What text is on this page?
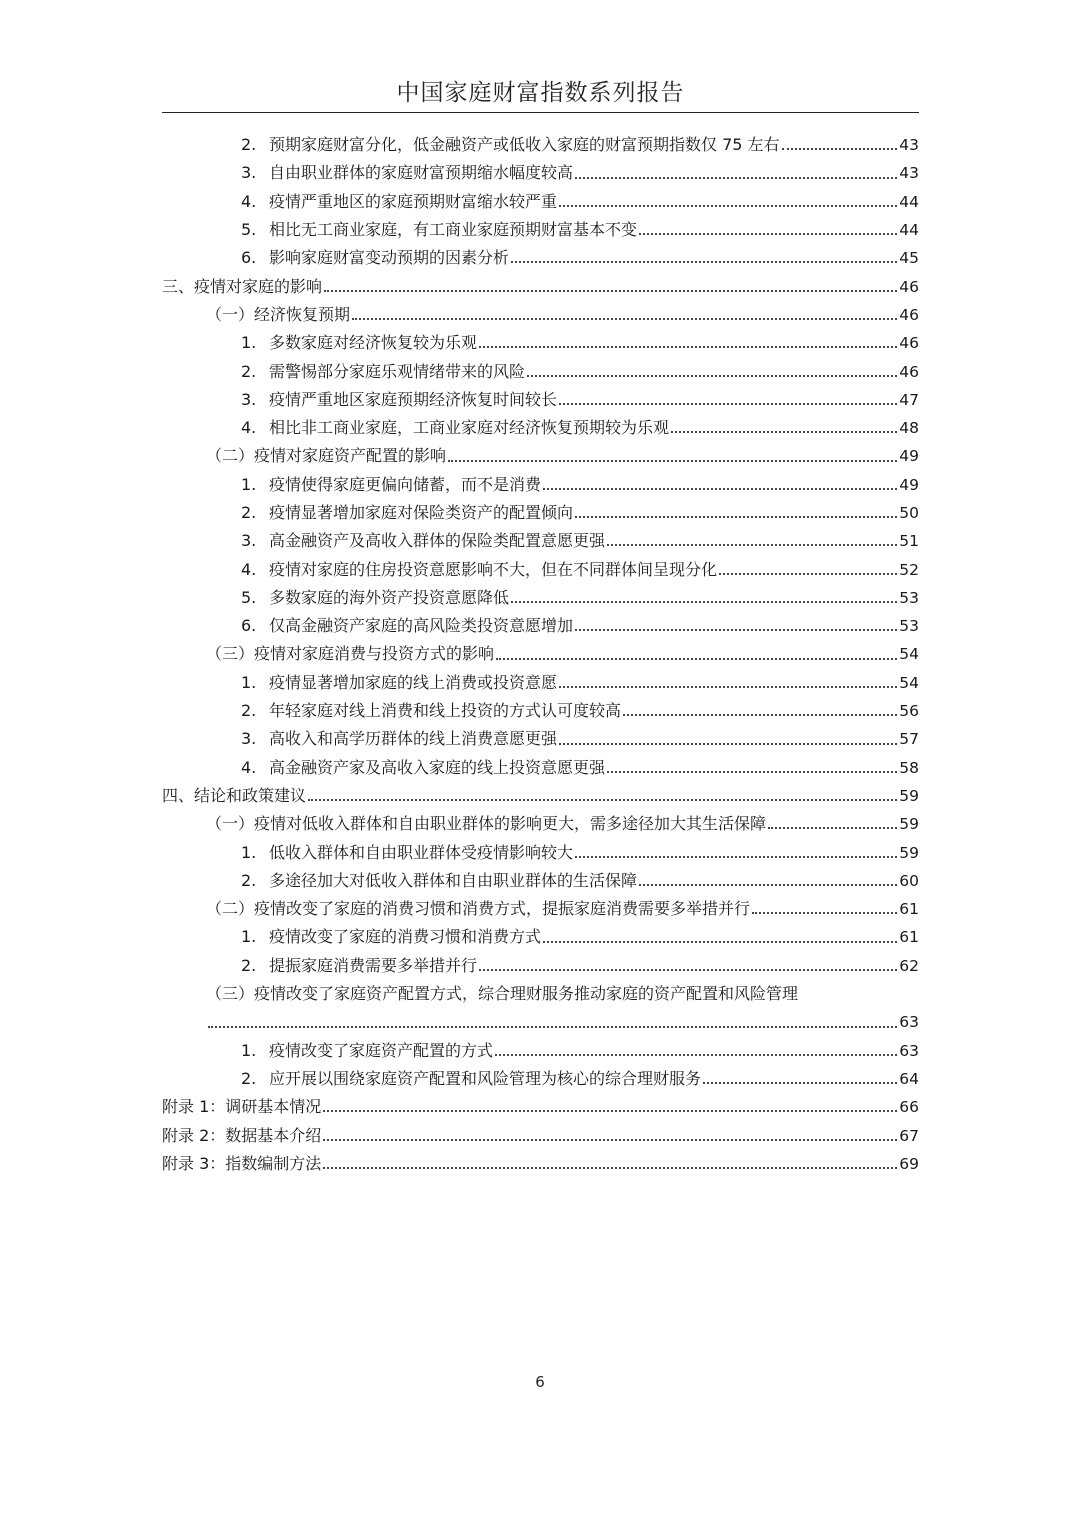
中国家庭财富指数系列报告
2. 预期家庭财富分化，低金融资产或低收入家庭的财富预期指数仅 75 左右	43
3. 自由职业群体的家庭财富预期缩水幅度较高	43
4. 疫情严重地区的家庭预期财富缩水较严重	44
5. 相比无工商业家庭，有工商业家庭预期财富基本不变	44
6. 影响家庭财富变动预期的因素分析	45
三、疫情对家庭的影响	46
（一）经济恢复预期	46
1. 多数家庭对经济恢复较为乐观	46
2. 需警惕部分家庭乐观情绪带来的风险	46
3. 疫情严重地区家庭预期经济恢复时间较长	47
4. 相比非工商业家庭，工商业家庭对经济恢复预期较为乐观	48
（二）疫情对家庭资产配置的影响	49
1. 疫情使得家庭更偏向储蓄，而不是消费	49
2. 疫情显著增加家庭对保险类资产的配置倾向	50
3. 高金融资产及高收入群体的保险类配置意愿更强	51
4. 疫情对家庭的住房投资意愿影响不大，但在不同群体间呈现分化	52
5. 多数家庭的海外资产投资意愿降低	53
6. 仅高金融资产家庭的高风险类投资意愿增加	53
（三）疫情对家庭消费与投资方式的影响	54
1. 疫情显著增加家庭的线上消费或投资意愿	54
2. 年轻家庭对线上消费和线上投资的方式认可度较高	56
3. 高收入和高学历群体的线上消费意愿更强	57
4. 高金融资产家及高收入家庭的线上投资意愿更强	58
四、结论和政策建议	59
（一）疫情对低收入群体和自由职业群体的影响更大，需多途径加大其生活保障	59
1. 低收入群体和自由职业群体受疫情影响较大	59
2. 多途径加大对低收入群体和自由职业群体的生活保障	60
（二）疫情改变了家庭的消费习惯和消费方式，提振家庭消费需要多举措并行	61
1. 疫情改变了家庭的消费习惯和消费方式	61
2. 提振家庭消费需要多举措并行	62
（三）疫情改变了家庭资产配置方式，综合理财服务推动家庭的资产配置和风险管理
63
1. 疫情改变了家庭资产配置的方式	63
2. 应开展以围绕家庭资产配置和风险管理为核心的综合理财服务	64
附录 1：调研基本情况	66
附录 2：数据基本介绍	67
附录 3：指数编制方法	69
6
